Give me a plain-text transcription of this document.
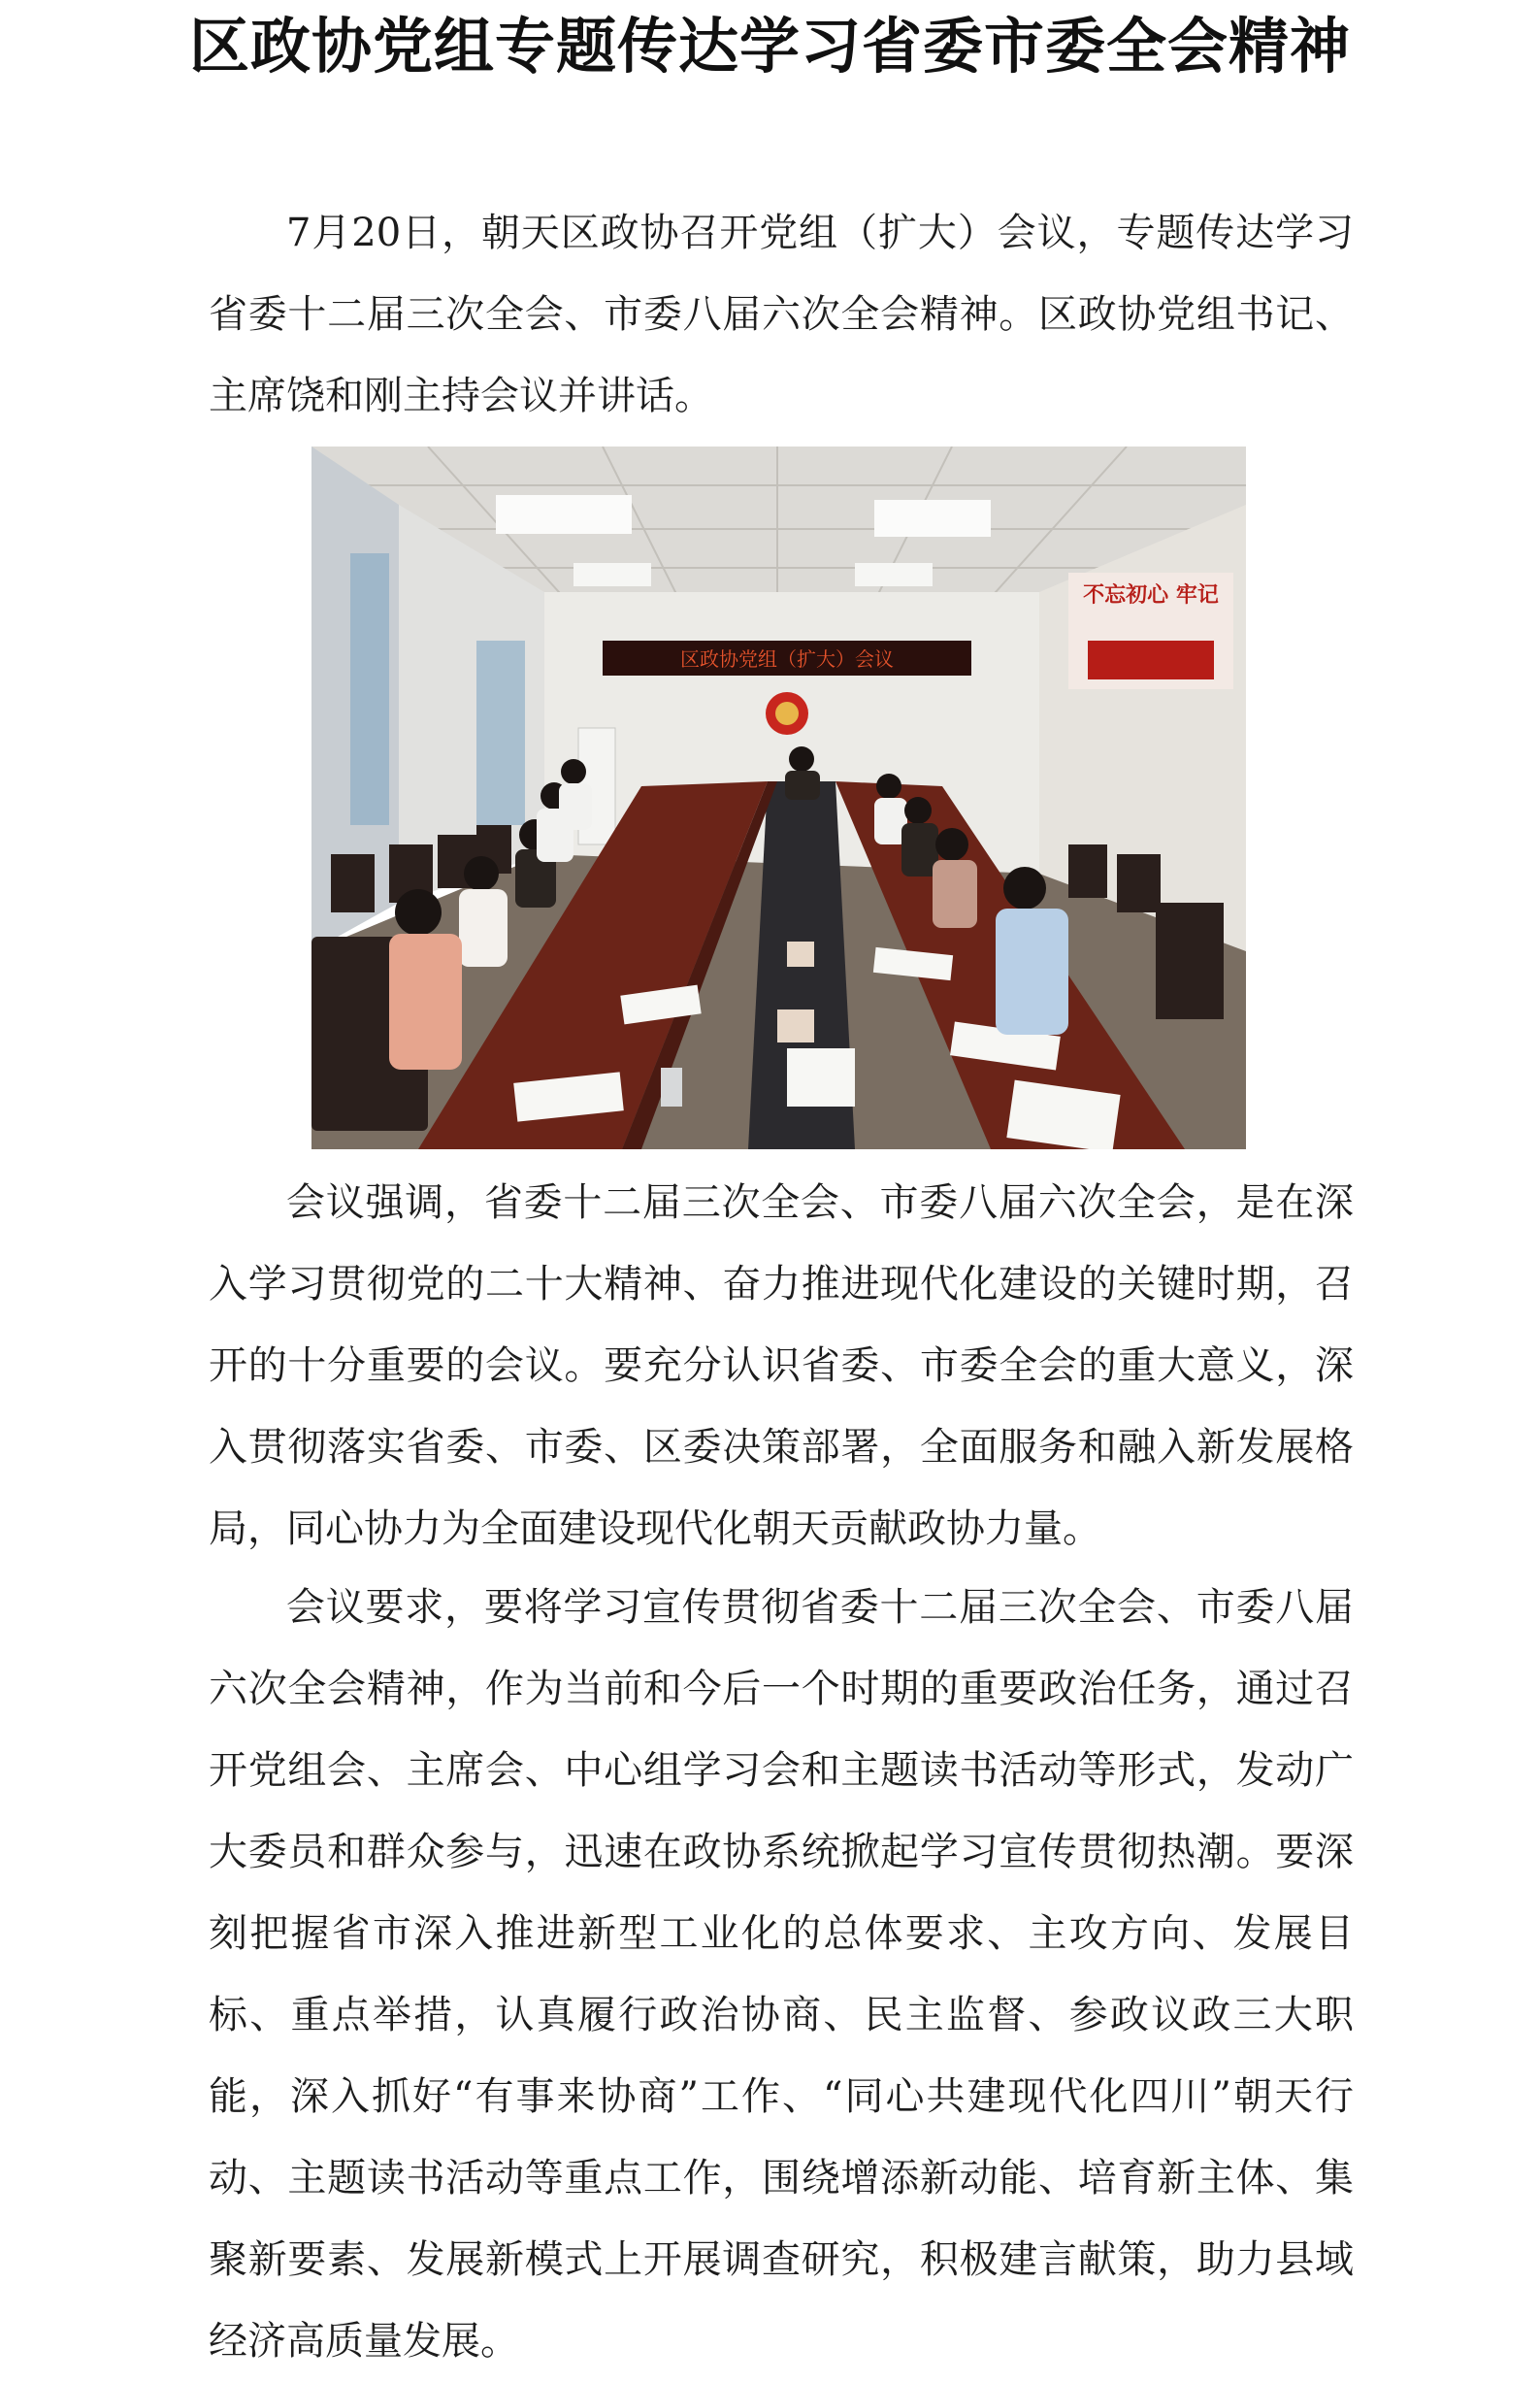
区政协党组专题传达学习省委市委全会精神

7月20日，朝天区政协召开党组（扩大）会议，专题传达学习省委十二届三次全会、市委八届六次全会精神。区政协党组书记、主席饶和刚主持会议并讲话。

区政协党组（扩大）会议
不忘初心 牢记

会议强调，省委十二届三次全会、市委八届六次全会，是在深入学习贯彻党的二十大精神、奋力推进现代化建设的关键时期，召开的十分重要的会议。要充分认识省委、市委全会的重大意义，深入贯彻落实省委、市委、区委决策部署，全面服务和融入新发展格局，同心协力为全面建设现代化朝天贡献政协力量。

会议要求，要将学习宣传贯彻省委十二届三次全会、市委八届六次全会精神，作为当前和今后一个时期的重要政治任务，通过召开党组会、主席会、中心组学习会和主题读书活动等形式，发动广大委员和群众参与，迅速在政协系统掀起学习宣传贯彻热潮。要深刻把握省市深入推进新型工业化的总体要求、主攻方向、发展目标、重点举措，认真履行政治协商、民主监督、参政议政三大职能，深入抓好“有事来协商”工作、“同心共建现代化四川”朝天行动、主题读书活动等重点工作，围绕增添新动能、培育新主体、集聚新要素、发展新模式上开展调查研究，积极建言献策，助力县域经济高质量发展。
